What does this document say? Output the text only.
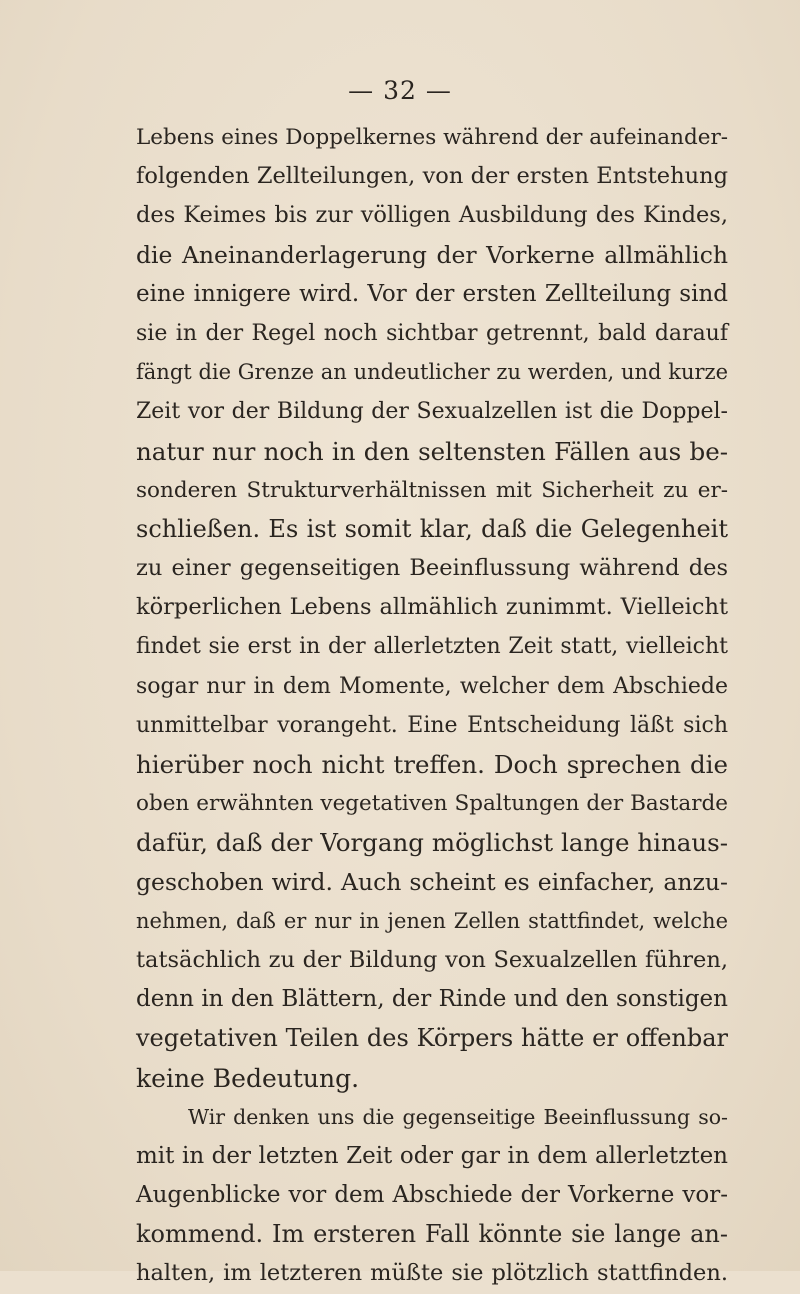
— 32 —
Lebens eines Doppelkernes während der aufeinander-
folgenden Zellteilungen, von der ersten Entstehung
des Keimes bis zur völligen Ausbildung des Kindes,
die Aneinanderlagerung der Vorkerne allmählich
eine innigere wird. Vor der ersten Zellteilung sind
sie in der Regel noch sichtbar getrennt, bald darauf
fängt die Grenze an undeutlicher zu werden, und kurze
Zeit vor der Bildung der Sexualzellen ist die Doppel-
natur nur noch in den seltensten Fällen aus be-
sonderen Strukturverhältnissen mit Sicherheit zu er-
schließen. Es ist somit klar, daß die Gelegenheit
zu einer gegenseitigen Beeinflussung während des
körperlichen Lebens allmählich zunimmt. Vielleicht
findet sie erst in der allerletzten Zeit statt, vielleicht
sogar nur in dem Momente, welcher dem Abschiede
unmittelbar vorangeht. Eine Entscheidung läßt sich
hierüber noch nicht treffen. Doch sprechen die
oben erwähnten vegetativen Spaltungen der Bastarde
dafür, daß der Vorgang möglichst lange hinaus-
geschoben wird. Auch scheint es einfacher, anzu-
nehmen, daß er nur in jenen Zellen stattfindet, welche
tatsächlich zu der Bildung von Sexualzellen führen,
denn in den Blättern, der Rinde und den sonstigen
vegetativen Teilen des Körpers hätte er offenbar
keine Bedeutung.
Wir denken uns die gegenseitige Beeinflussung so-
mit in der letzten Zeit oder gar in dem allerletzten
Augenblicke vor dem Abschiede der Vorkerne vor-
kommend. Im ersteren Fall könnte sie lange an-
halten, im letzteren müßte sie plötzlich stattfinden.
